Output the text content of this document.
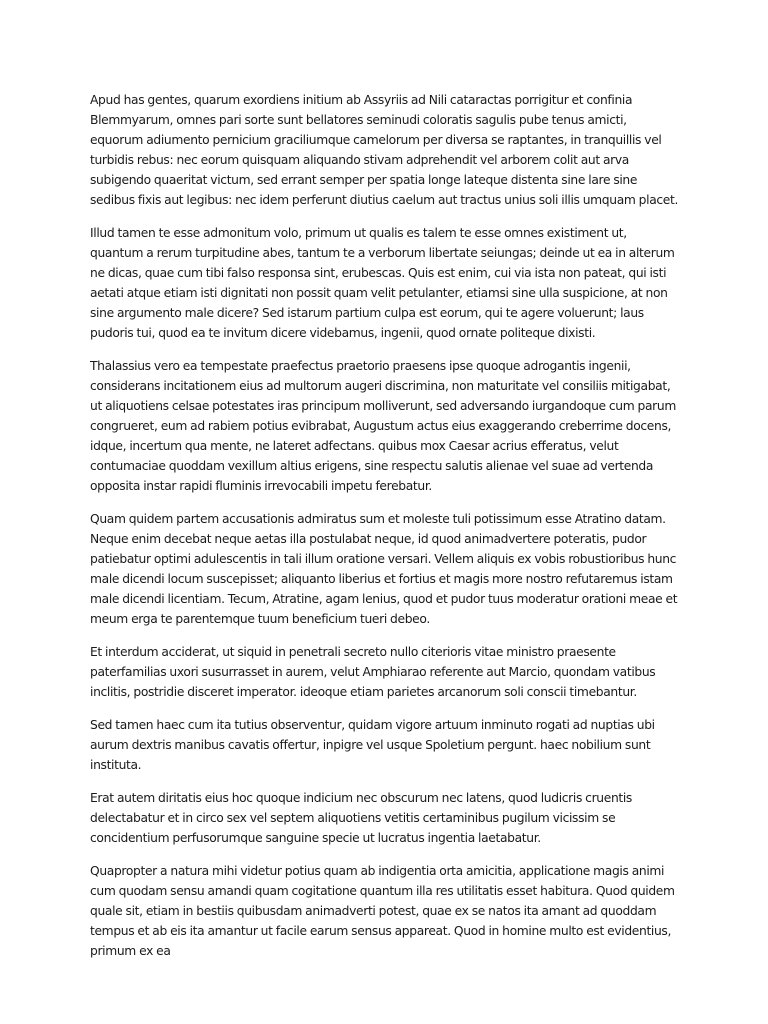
Apud has gentes, quarum exordiens initium ab Assyriis ad Nili cataractas porrigitur et confinia Blemmyarum, omnes pari sorte sunt bellatores seminudi coloratis sagulis pube tenus amicti, equorum adiumento pernicium graciliumque camelorum per diversa se raptantes, in tranquillis vel turbidis rebus: nec eorum quisquam aliquando stivam adprehendit vel arborem colit aut arva subigendo quaeritat victum, sed errant semper per spatia longe lateque distenta sine lare sine sedibus fixis aut legibus: nec idem perferunt diutius caelum aut tractus unius soli illis umquam placet.

Illud tamen te esse admonitum volo, primum ut qualis es talem te esse omnes existiment ut, quantum a rerum turpitudine abes, tantum te a verborum libertate seiungas; deinde ut ea in alterum ne dicas, quae cum tibi falso responsa sint, erubescas. Quis est enim, cui via ista non pateat, qui isti aetati atque etiam isti dignitati non possit quam velit petulanter, etiamsi sine ulla suspicione, at non sine argumento male dicere? Sed istarum partium culpa est eorum, qui te agere voluerunt; laus pudoris tui, quod ea te invitum dicere videbamus, ingenii, quod ornate politeque dixisti.

Thalassius vero ea tempestate praefectus praetorio praesens ipse quoque adrogantis ingenii, considerans incitationem eius ad multorum augeri discrimina, non maturitate vel consiliis mitigabat, ut aliquotiens celsae potestates iras principum molliverunt, sed adversando iurgandoque cum parum congrueret, eum ad rabiem potius evibrabat, Augustum actus eius exaggerando creberrime docens, idque, incertum qua mente, ne lateret adfectans. quibus mox Caesar acrius efferatus, velut contumaciae quoddam vexillum altius erigens, sine respectu salutis alienae vel suae ad vertenda opposita instar rapidi fluminis irrevocabili impetu ferebatur.

Quam quidem partem accusationis admiratus sum et moleste tuli potissimum esse Atratino datam. Neque enim decebat neque aetas illa postulabat neque, id quod animadvertere poteratis, pudor patiebatur optimi adulescentis in tali illum oratione versari. Vellem aliquis ex vobis robustioribus hunc male dicendi locum suscepisset; aliquanto liberius et fortius et magis more nostro refutaremus istam male dicendi licentiam. Tecum, Atratine, agam lenius, quod et pudor tuus moderatur orationi meae et meum erga te parentemque tuum beneficium tueri debeo.

Et interdum acciderat, ut siquid in penetrali secreto nullo citerioris vitae ministro praesente paterfamilias uxori susurrasset in aurem, velut Amphiarao referente aut Marcio, quondam vatibus inclitis, postridie disceret imperator. ideoque etiam parietes arcanorum soli conscii timebantur.

Sed tamen haec cum ita tutius observentur, quidam vigore artuum inminuto rogati ad nuptias ubi aurum dextris manibus cavatis offertur, inpigre vel usque Spoletium pergunt. haec nobilium sunt instituta.

Erat autem diritatis eius hoc quoque indicium nec obscurum nec latens, quod ludicris cruentis delectabatur et in circo sex vel septem aliquotiens vetitis certaminibus pugilum vicissim se concidentium perfusorumque sanguine specie ut lucratus ingentia laetabatur.

Quapropter a natura mihi videtur potius quam ab indigentia orta amicitia, applicatione magis animi cum quodam sensu amandi quam cogitatione quantum illa res utilitatis esset habitura. Quod quidem quale sit, etiam in bestiis quibusdam animadverti potest, quae ex se natos ita amant ad quoddam tempus et ab eis ita amantur ut facile earum sensus appareat. Quod in homine multo est evidentius, primum ex ea
